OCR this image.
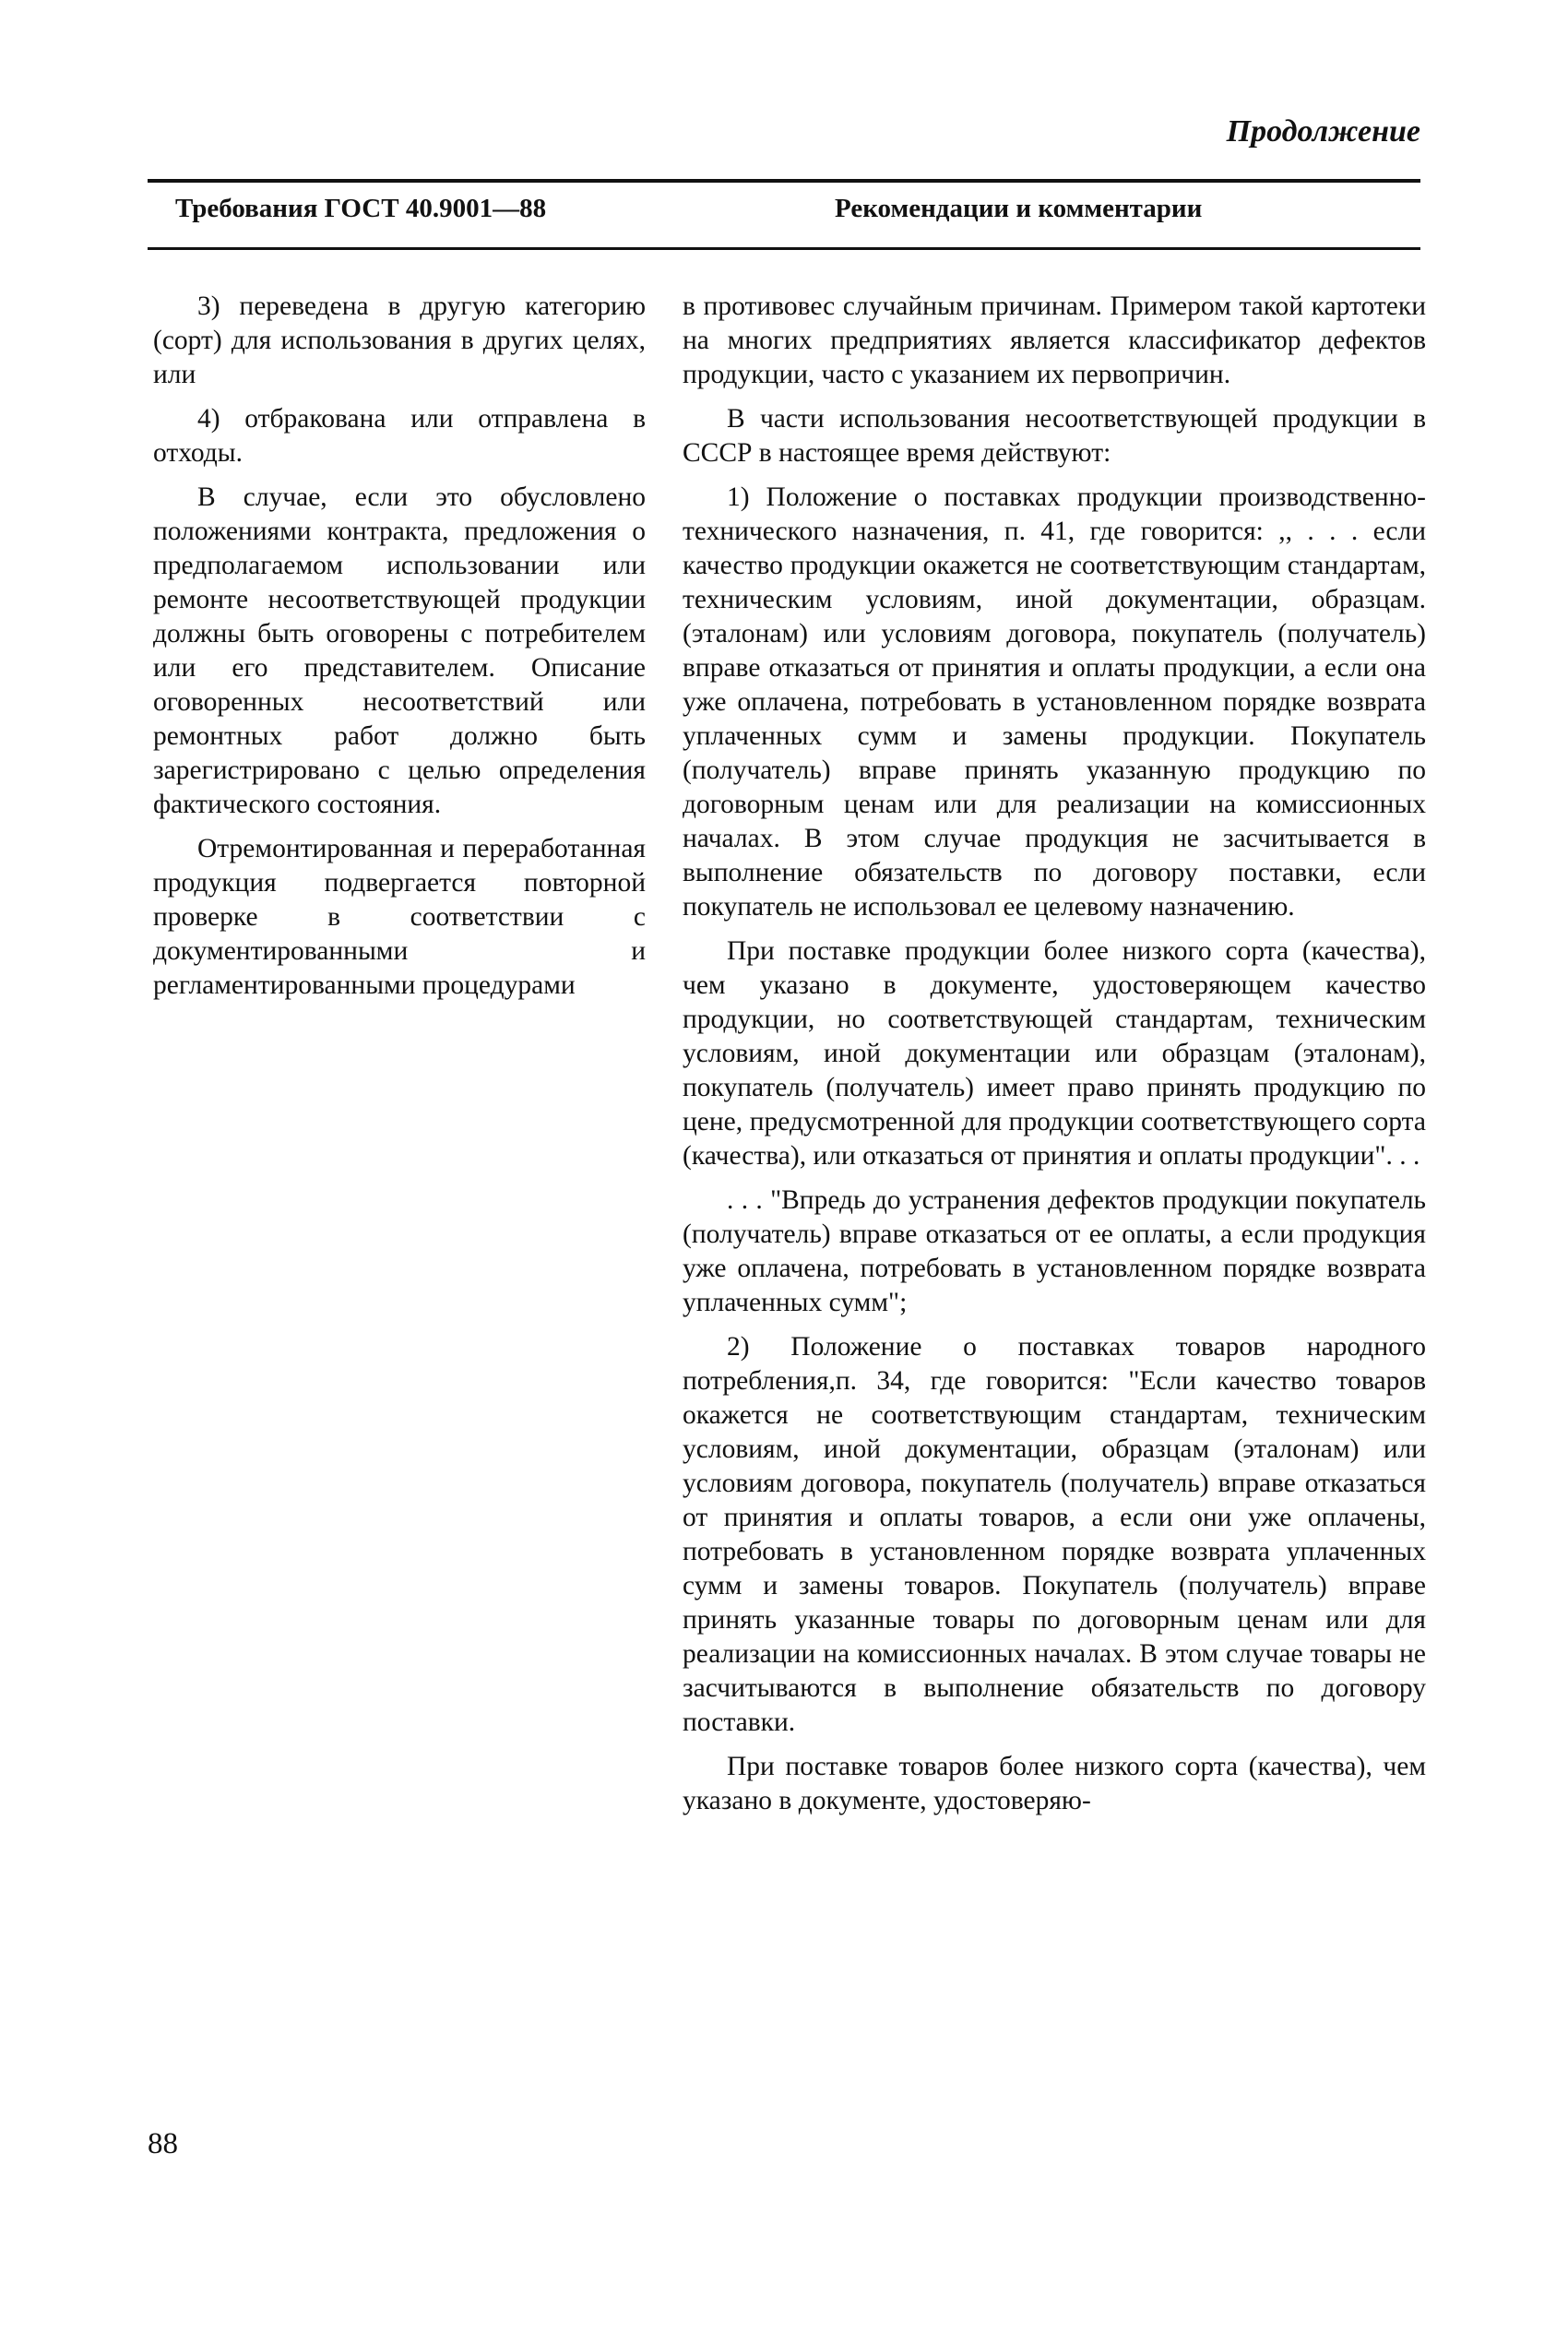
Продолжение
Требования ГОСТ 40.9001—88	Рекомендации и комментарии

3) переведена в другую категорию (сорт) для использования в других целях, или

4) отбракована или отправлена в отходы.

В случае, если это обусловлено положениями контракта, предложения о предполагаемом использовании или ремонте несоответствующей продукции должны быть оговорены с потребителем или его представителем. Описание оговоренных несоответствий или ремонтных работ должно быть зарегистрировано с целью определения фактического состояния.

Отремонтированная и переработанная продукция подвергается повторной проверке в соответствии с документированными и регламентированными процедурами

в противовес случайным причинам. Примером такой картотеки на многих предприятиях является классификатор дефектов продукции, часто с указанием их первопричин.

В части использования несоответствующей продукции в СССР в настоящее время действуют:

1) Положение о поставках продукции производственно-технического назначения, п. 41, где говорится: ,, . . . если качество продукции окажется не соответствующим стандартам, техническим условиям, иной документации, образцам. (эталонам) или условиям договора, покупатель (получатель) вправе отказаться от принятия и оплаты продукции, а если она уже оплачена, потребовать в установленном порядке возврата уплаченных сумм и замены продукции. Покупатель (получатель) вправе принять указанную продукцию по договорным ценам или для реализации на комиссионных началах. В этом случае продукция не засчитывается в выполнение обязательств по договору поставки, если покупатель не использовал ее целевому назначению.

При поставке продукции более низкого сорта (качества), чем указано в документе, удостоверяющем качество продукции, но соответствующей стандартам, техническим условиям, иной документации или образцам (эталонам), покупатель (получатель) имеет право принять продукцию по цене, предусмотренной для продукции соответствующего сорта (качества), или отказаться от принятия и оплаты продукции". . .

. . . "Впредь до устранения дефектов продукции покупатель (получатель) вправе отказаться от ее оплаты, а если продукция уже оплачена, потребовать в установленном порядке возврата уплаченных сумм";

2) Положение о поставках товаров народного потребления,п. 34, где говорится: "Если качество товаров окажется не соответствующим стандартам, техническим условиям, иной документации, образцам (эталонам) или условиям договора, покупатель (получатель) вправе отказаться от принятия и оплаты товаров, а если они уже оплачены, потребовать в установленном порядке возврата уплаченных сумм и замены товаров. Покупатель (получатель) вправе принять указанные товары по договорным ценам или для реализации на комиссионных началах. В этом случае товары не засчитываются в выполнение обязательств по договору поставки.

При поставке товаров более низкого сорта (качества), чем указано в документе, удостоверяю-

88
